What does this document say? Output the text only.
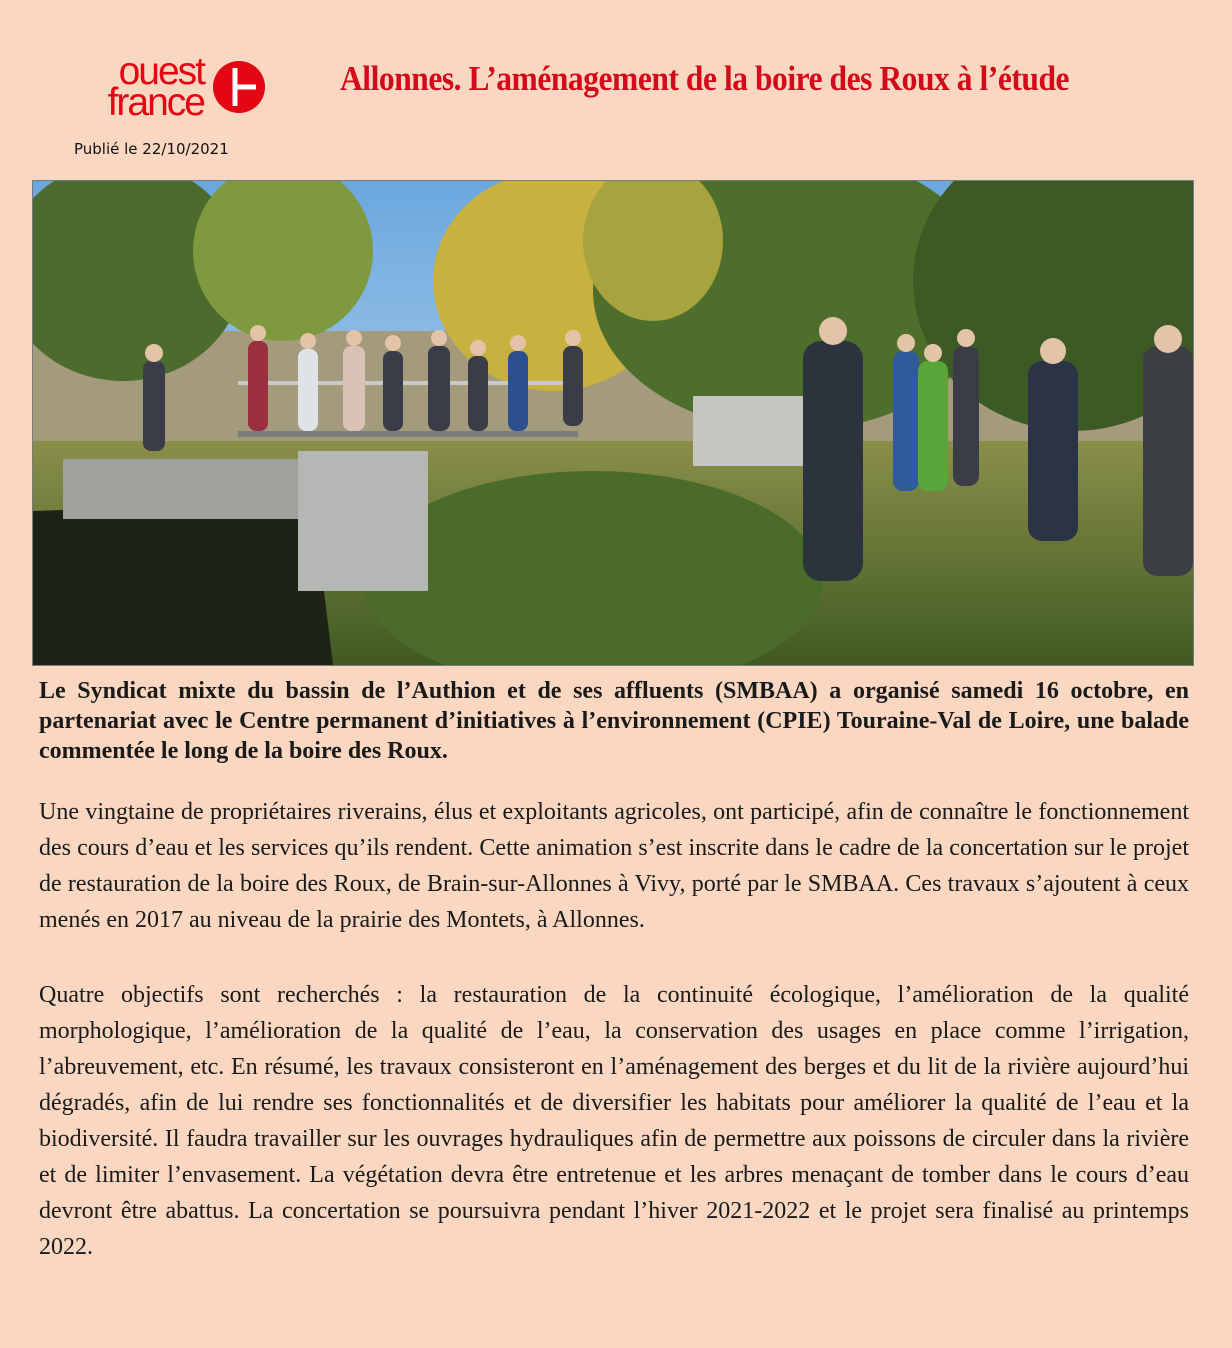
ouest
france
Publié le 22/10/2021
Allonnes. L’aménagement de la boire des Roux à l’étude
Le Syndicat mixte du bassin de l’Authion et de ses affluents (SMBAA) a organisé samedi 16 octobre, en partenariat avec le Centre permanent d’initiatives à l’environnement (CPIE) Touraine-Val de Loire, une balade commentée le long de la boire des Roux.
Une vingtaine de propriétaires riverains, élus et exploitants agricoles, ont participé, afin de connaître le fonctionnement des cours d’eau et les services qu’ils rendent. Cette animation s’est inscrite dans le cadre de la concertation sur le projet de restauration de la boire des Roux, de Brain-sur-Allonnes à Vivy, porté par le SMBAA. Ces travaux s’ajoutent à ceux menés en 2017 au niveau de la prairie des Montets, à Allonnes.
Quatre objectifs sont recherchés : la restauration de la continuité écologique, l’amélioration de la qualité morphologique, l’amélioration de la qualité de l’eau, la conservation des usages en place comme l’irrigation, l’abreuvement, etc. En résumé, les travaux consisteront en l’aménagement des berges et du lit de la rivière aujourd’hui dégradés, afin de lui rendre ses fonctionnalités et de diversifier les habitats pour améliorer la qualité de l’eau et la biodiversité. Il faudra travailler sur les ouvrages hydrauliques afin de permettre aux poissons de circuler dans la rivière et de limiter l’envasement. La végétation devra être entretenue et les arbres menaçant de tomber dans le cours d’eau devront être abattus. La concertation se poursuivra pendant l’hiver 2021-2022 et le projet sera finalisé au printemps 2022.
